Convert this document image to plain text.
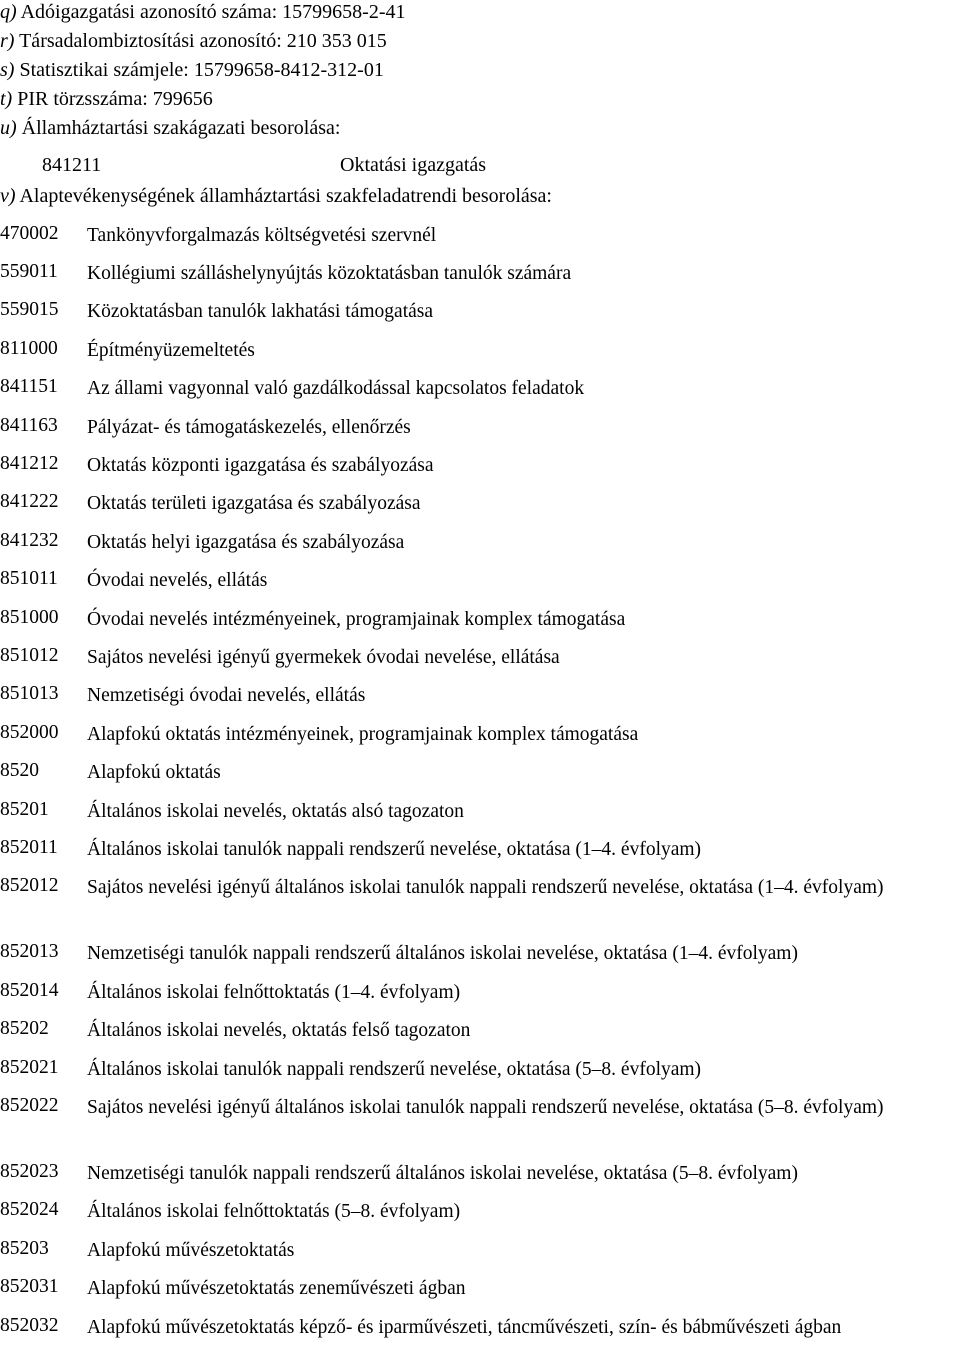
q) Adóigazgatási azonosító száma: 15799658-2-41
r) Társadalombiztosítási azonosító: 210 353 015
s) Statisztikai számjele: 15799658-8412-312-01
t) PIR törzsszáma: 799656
u) Államháztartási szakágazati besorolása:
841211	Oktatási igazgatás
v) Alaptevékenységének államháztartási szakfeladatrendi besorolása:
470002 Tankönyvforgalmazás költségvetési szervnél
559011 Kollégiumi szálláshelynyújtás közoktatásban tanulók számára
559015 Közoktatásban tanulók lakhatási támogatása
811000 Építményüzemeltetés
841151 Az állami vagyonnal való gazdálkodással kapcsolatos feladatok
841163 Pályázat- és támogatáskezelés, ellenőrzés
841212 Oktatás központi igazgatása és szabályozása
841222 Oktatás területi igazgatása és szabályozása
841232 Oktatás helyi igazgatása és szabályozása
851011 Óvodai nevelés, ellátás
851000 Óvodai nevelés intézményeinek, programjainak komplex támogatása
851012 Sajátos nevelési igényű gyermekek óvodai nevelése, ellátása
851013 Nemzetiségi óvodai nevelés, ellátás
852000 Alapfokú oktatás intézményeinek, programjainak komplex támogatása
8520 Alapfokú oktatás
85201 Általános iskolai nevelés, oktatás alsó tagozaton
852011 Általános iskolai tanulók nappali rendszerű nevelése, oktatása (1–4. évfolyam)
852012 Sajátos nevelési igényű általános iskolai tanulók nappali rendszerű nevelése, oktatása (1–4. évfolyam)
852013 Nemzetiségi tanulók nappali rendszerű általános iskolai nevelése, oktatása (1–4. évfolyam)
852014 Általános iskolai felnőttoktatás (1–4. évfolyam)
85202 Általános iskolai nevelés, oktatás felső tagozaton
852021 Általános iskolai tanulók nappali rendszerű nevelése, oktatása (5–8. évfolyam)
852022 Sajátos nevelési igényű általános iskolai tanulók nappali rendszerű nevelése, oktatása (5–8. évfolyam)
852023 Nemzetiségi tanulók nappali rendszerű általános iskolai nevelése, oktatása (5–8. évfolyam)
852024 Általános iskolai felnőttoktatás (5–8. évfolyam)
85203 Alapfokú művészetoktatás
852031 Alapfokú művészetoktatás zeneművészeti ágban
852032 Alapfokú művészetoktatás képző- és iparművészeti, táncművészeti, szín- és bábművészeti ágban
